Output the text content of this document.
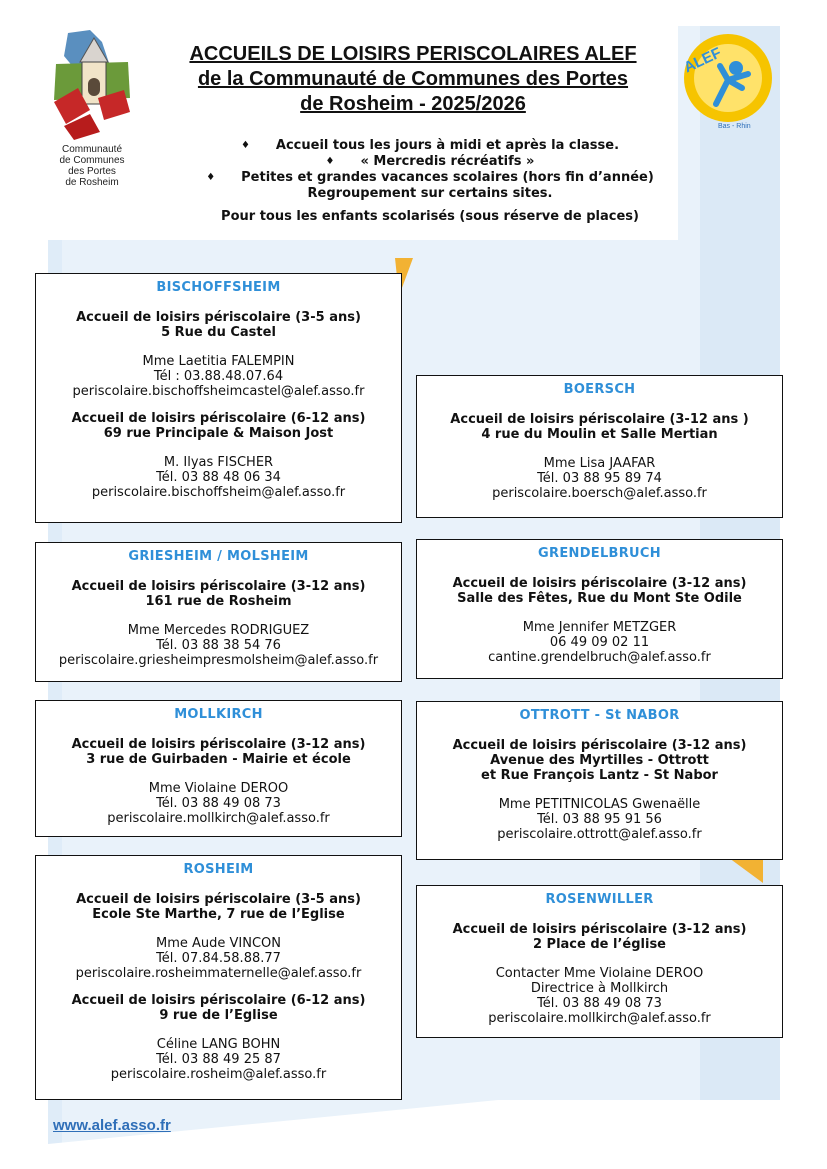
Communauté
de Communes
des Portes
de Rosheim
ALEF
Bas - Rhin
ACCUEILS DE LOISIRS PERISCOLAIRES ALEF
de la Communauté de Communes des Portes
de Rosheim - 2025/2026
♦ Accueil tous les jours à midi et après la classe.
♦ « Mercredis récréatifs »
♦ Petites et grandes vacances scolaires (hors fin d’année)
Regroupement sur certains sites.
Pour tous les enfants scolarisés (sous réserve de places)
BISCHOFFSHEIM
Accueil de loisirs périscolaire (3-5 ans)
5 Rue du Castel
Mme Laetitia FALEMPIN
Tél : 03.88.48.07.64
periscolaire.bischoffsheimcastel@alef.asso.fr
Accueil de loisirs périscolaire (6-12 ans)
69 rue Principale & Maison Jost
M. Ilyas FISCHER
Tél. 03 88 48 06 34
periscolaire.bischoffsheim@alef.asso.fr
BOERSCH
Accueil de loisirs périscolaire (3-12 ans )
4 rue du Moulin et Salle Mertian
Mme Lisa JAAFAR
Tél. 03 88 95 89 74
periscolaire.boersch@alef.asso.fr
GRIESHEIM / MOLSHEIM
Accueil de loisirs périscolaire (3-12 ans)
161 rue de Rosheim
Mme Mercedes RODRIGUEZ
Tél. 03 88 38 54 76
periscolaire.griesheimpresmolsheim@alef.asso.fr
GRENDELBRUCH
Accueil de loisirs périscolaire (3-12 ans)
Salle des Fêtes, Rue du Mont Ste Odile
Mme Jennifer METZGER
06 49 09 02 11
cantine.grendelbruch@alef.asso.fr
MOLLKIRCH
Accueil de loisirs périscolaire (3-12 ans)
3 rue de Guirbaden - Mairie et école
Mme Violaine DEROO
Tél. 03 88 49 08 73
periscolaire.mollkirch@alef.asso.fr
OTTROTT - St NABOR
Accueil de loisirs périscolaire (3-12 ans)
Avenue des Myrtilles - Ottrott
et Rue François Lantz - St Nabor
Mme PETITNICOLAS Gwenaëlle
Tél. 03 88 95 91 56
periscolaire.ottrott@alef.asso.fr
ROSHEIM
Accueil de loisirs périscolaire (3-5 ans)
Ecole Ste Marthe, 7 rue de l’Eglise
Mme Aude VINCON
Tél. 07.84.58.88.77
periscolaire.rosheimmaternelle@alef.asso.fr
Accueil de loisirs périscolaire (6-12 ans)
9 rue de l’Eglise
Céline LANG BOHN
Tél. 03 88 49 25 87
periscolaire.rosheim@alef.asso.fr
ROSENWILLER
Accueil de loisirs périscolaire (3-12 ans)
2 Place de l’église
Contacter Mme Violaine DEROO
Directrice à Mollkirch
Tél. 03 88 49 08 73
periscolaire.mollkirch@alef.asso.fr
www.alef.asso.fr
